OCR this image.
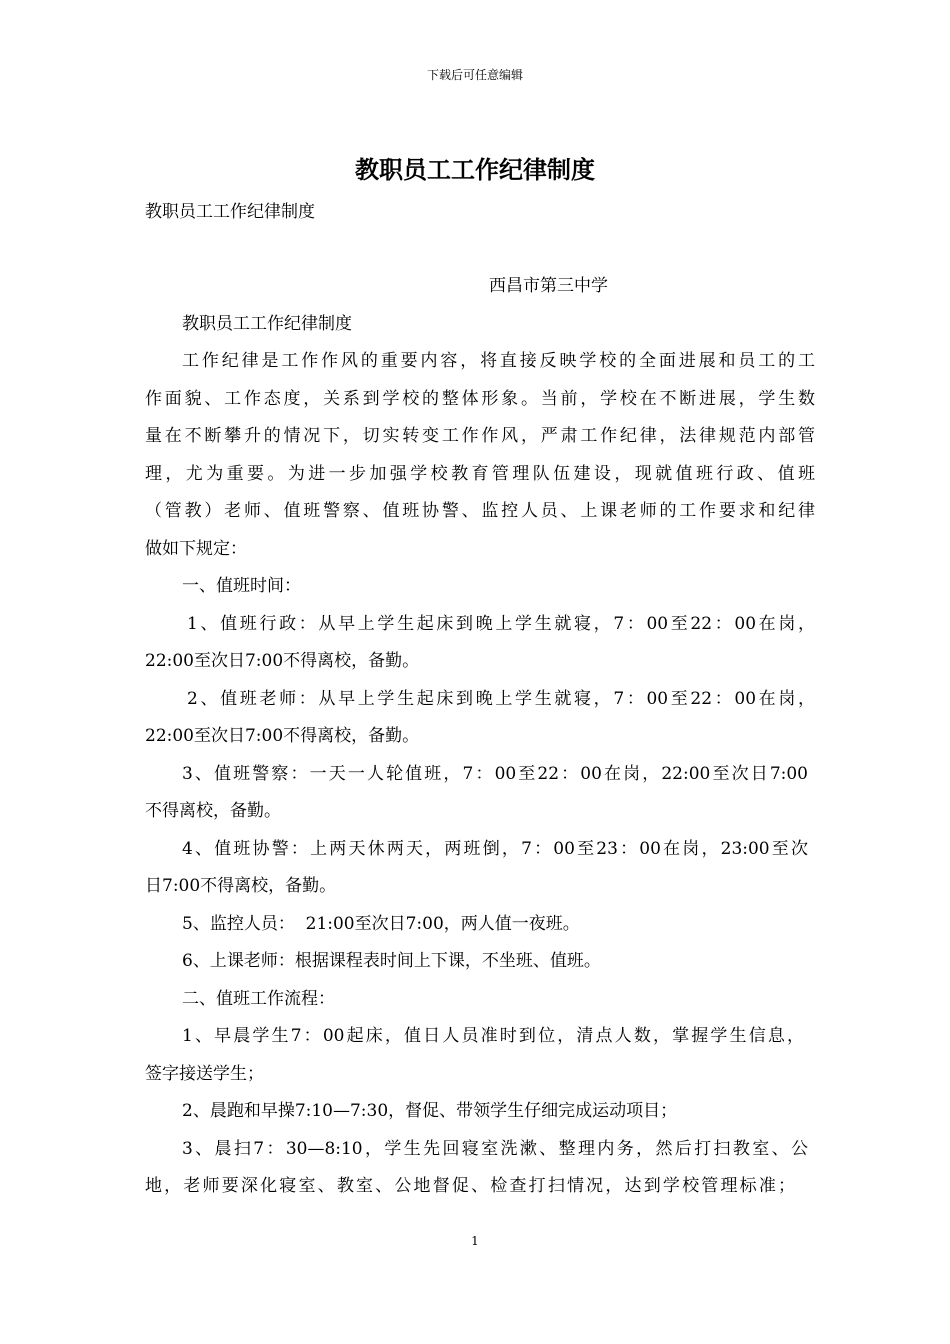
下载后可任意编辑
教职员工工作纪律制度
教职员工工作纪律制度
西昌市第三中学
教职员工工作纪律制度
工作纪律是工作作风的重要内容，将直接反映学校的全面进展和员工的工
作面貌、工作态度，关系到学校的整体形象。当前，学校在不断进展，学生数
量在不断攀升的情况下，切实转变工作作风，严肃工作纪律，法律规范内部管
理，尤为重要。为进一步加强学校教育管理队伍建设，现就值班行政、值班
（管教）老师、值班警察、值班协警、监控人员、上课老师的工作要求和纪律
做如下规定：
一、值班时间：
1、值班行政：从早上学生起床到晚上学生就寝，7：00至22：00在岗，
22:00至次日7:00不得离校，备勤。
2、值班老师：从早上学生起床到晚上学生就寝，7：00至22：00在岗，
22:00至次日7:00不得离校，备勤。
3、值班警察：一天一人轮值班，7：00至22：00在岗，22:00至次日7:00
不得离校，备勤。
4、值班协警：上两天休两天，两班倒，7：00至23：00在岗，23:00至次
日7:00不得离校，备勤。
5、监控人员：  21:00至次日7:00，两人值一夜班。
6、上课老师：根据课程表时间上下课，不坐班、值班。
二、值班工作流程：
1、早晨学生7：00起床，值日人员准时到位，清点人数，掌握学生信息，
签字接送学生；
2、晨跑和早操7:10—7:30，督促、带领学生仔细完成运动项目；
3、晨扫7：30—8:10，学生先回寝室洗漱、整理内务，然后打扫教室、公
地，老师要深化寝室、教室、公地督促、检查打扫情况，达到学校管理标准；
1
